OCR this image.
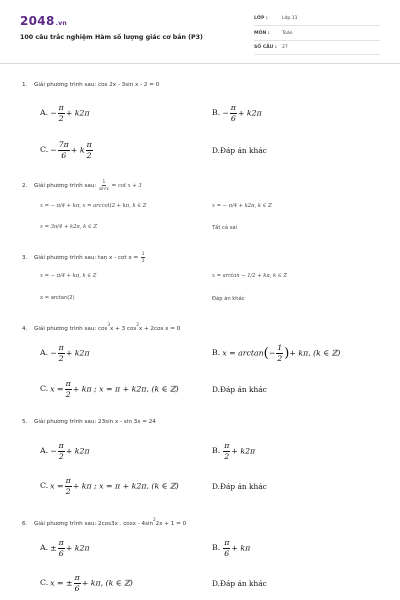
2048.vn
100 câu trắc nghiệm Hàm số lượng giác cơ bản (P3)
LỚP :	Lớp 11
MÔN :	Toán
SỐ CÂU : 27
1. Giải phương trình sau: cos 2x - 3sin x - 2 = 0
A. − $\frac{\pi}{2} + k2\pi$	B. − $\frac{\pi}{6} + k2\pi$
C. − $\frac{7\pi}{6} + k \frac{\pi}{2}$	D.Đáp án khác
2. Giải phương trình sau: $\frac{1}{\text{sin²x}} = \cot x + 3$
x = − π/4 + kπ, x = arccot(2 + kπ, k ∈ Z	x = − π/4 + k2π, k ∈ Z
x = 3π/4 + k2π, k ∈ Z	Tất cả sai
3. Giải phương trình sau: $\tan x - \cot x = \frac{1}{2}$
x = − π/4 + kπ, k ∈ Z	x = arctan − 1/2 + kπ, k ∈ Z
x = arctan(2)	Đáp án khác
4. Giải phương trình sau: $\cos^3x + 3$ $\cos^2x + 2\cos$ x = 0
A. − $\frac{\pi}{2} + k2\pi$	B. $x = \arctan(- \frac{1}{2}$ )+ kπ, (k ∈ ℤ)
C. $x = \frac{\pi}{2} + k\pi$ ; x = π + k2π, (k ∈ ℤ)	D.Đáp án khác
5. Giải phương trình sau: 23sin x - sin 3x = 24
A. − $\frac{\pi}{2} + k2\pi$	B. $\frac{\pi}{2} + k2\pi$
C. $x = \frac{\pi}{2} + k\pi$ ; x = π + k2π, (k ∈ ℤ)	D.Đáp án khác
6. Giải phương trình sau: 2cos3x . $\cos x - 4\sin^22x + 1 = 0$
A. ± $\frac{\pi}{6} + k2\pi$	B. $\frac{\pi}{6} + k\pi$
C. x = ± $\frac{\pi}{6} + k\pi$, (k ∈ ℤ)	D.Đáp án khác
